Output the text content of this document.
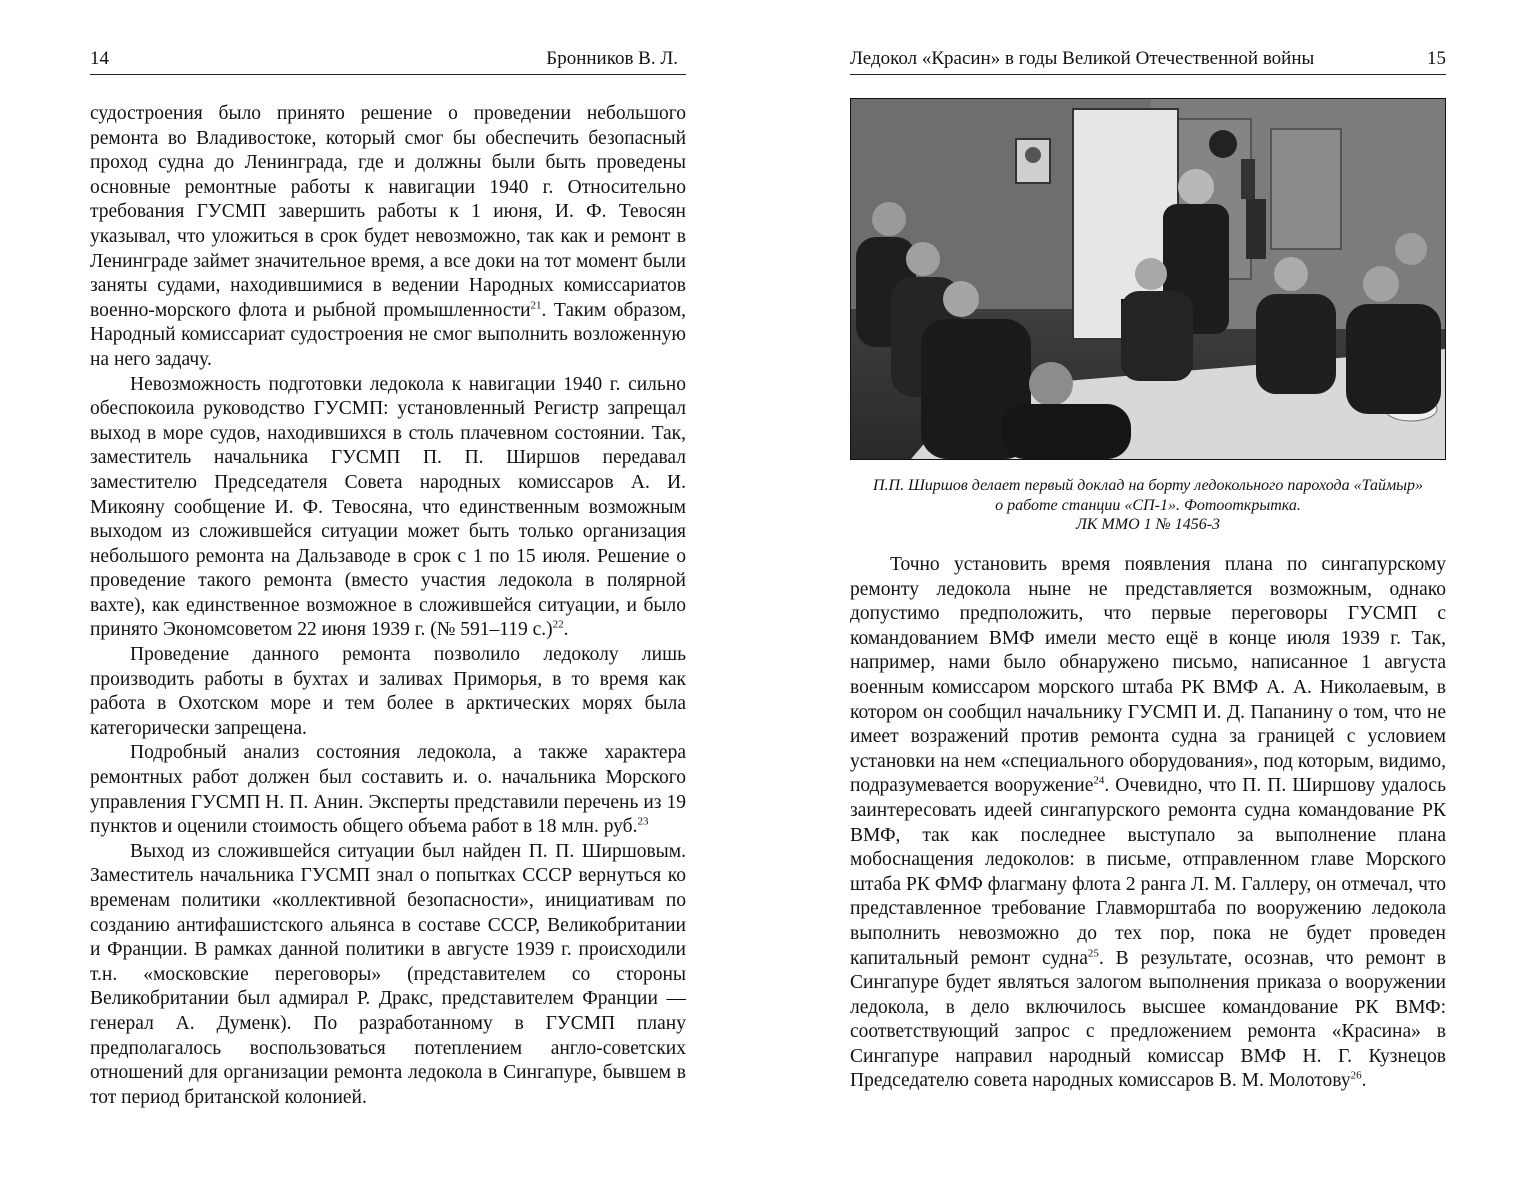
14	Бронников В. Л.

судостроения было принято решение о проведении небольшого ремонта во Владивостоке, который смог бы обеспечить безопасный проход судна до Ленинграда, где и должны были быть проведены основные ремонтные работы к навигации 1940 г. Относительно требования ГУСМП завершить работы к 1 июня, И. Ф. Тевосян указывал, что уложиться в срок будет невозможно, так как и ремонт в Ленинграде займет значительное время, а все доки на тот момент были заняты судами, находившимися в ведении Народных комиссариатов военно-морского флота и рыбной промышленности$^{21}$. Таким образом, Народный комиссариат судостроения не смог выполнить возложенную на него задачу.

Невозможность подготовки ледокола к навигации 1940 г. сильно обеспокоила руководство ГУСМП: установленный Регистр запрещал выход в море судов, находившихся в столь плачевном состоянии. Так, заместитель начальника ГУСМП П. П. Ширшов передавал заместителю Председателя Совета народных комиссаров А. И. Микояну сообщение И. Ф. Тевосяна, что единственным возможным выходом из сложившейся ситуации может быть только организация небольшого ремонта на Дальзаводе в срок с 1 по 15 июля. Решение о проведение такого ремонта (вместо участия ледокола в полярной вахте), как единственное возможное в сложившейся ситуации, и было принято Экономсоветом 22 июня 1939 г. (№ 591–119 с.)$^{22}$.

Проведение данного ремонта позволило ледоколу лишь производить работы в бухтах и заливах Приморья, в то время как работа в Охотском море и тем более в арктических морях была категорически запрещена.

Подробный анализ состояния ледокола, а также характера ремонтных работ должен был составить и. о. начальника Морского управления ГУСМП Н. П. Анин. Эксперты представили перечень из 19 пунктов и оценили стоимость общего объема работ в 18 млн. руб.$^{23}$

Выход из сложившейся ситуации был найден П. П. Ширшовым. Заместитель начальника ГУСМП знал о попытках СССР вернуться ко временам политики «коллективной безопасности», инициативам по созданию антифашистского альянса в составе СССР, Великобритании и Франции. В рамках данной политики в августе 1939 г. происходили т.н. «московские переговоры» (представителем со стороны Великобритании был адмирал Р. Дракс, представителем Франции — генерал А. Думенк). По разработанному в ГУСМП плану предполагалось воспользоваться потеплением англо-советских отношений для организации ремонта ледокола в Сингапуре, бывшем в тот период британской колонией.

Ледокол «Красин» в годы Великой Отечественной войны	15
П.П. Ширшов делает первый доклад на борту ледокольного парохода «Таймыр»
о работе станции «СП-1». Фотооткрытка.
ЛК ММО 1 № 1456-3

Точно установить время появления плана по сингапурскому ремонту ледокола ныне не представляется возможным, однако допустимо предположить, что первые переговоры ГУСМП с командованием ВМФ имели место ещё в конце июля 1939 г. Так, например, нами было обнаружено письмо, написанное 1 августа военным комиссаром морского штаба РК ВМФ А. А. Николаевым, в котором он сообщил начальнику ГУСМП И. Д. Папанину о том, что не имеет возражений против ремонта судна за границей с условием установки на нем «специального оборудования», под которым, видимо, подразумевается вооружение$^{24}$. Очевидно, что П. П. Ширшову удалось заинтересовать идеей сингапурского ремонта судна командование РК ВМФ, так как последнее выступало за выполнение плана мобоснащения ледоколов: в письме, отправленном главе Морского штаба РК ФМФ флагману флота 2 ранга Л. М. Галлеру, он отмечал, что представленное требование Главморштаба по вооружению ледокола выполнить невозможно до тех пор, пока не будет проведен капитальный ремонт судна$^{25}$. В результате, осознав, что ремонт в Сингапуре будет являться залогом выполнения приказа о вооружении ледокола, в дело включилось высшее командование РК ВМФ: соответствующий запрос с предложением ремонта «Красина» в Сингапуре направил народный комиссар ВМФ Н. Г. Кузнецов Председателю совета народных комиссаров В. М. Молотову$^{26}$.
